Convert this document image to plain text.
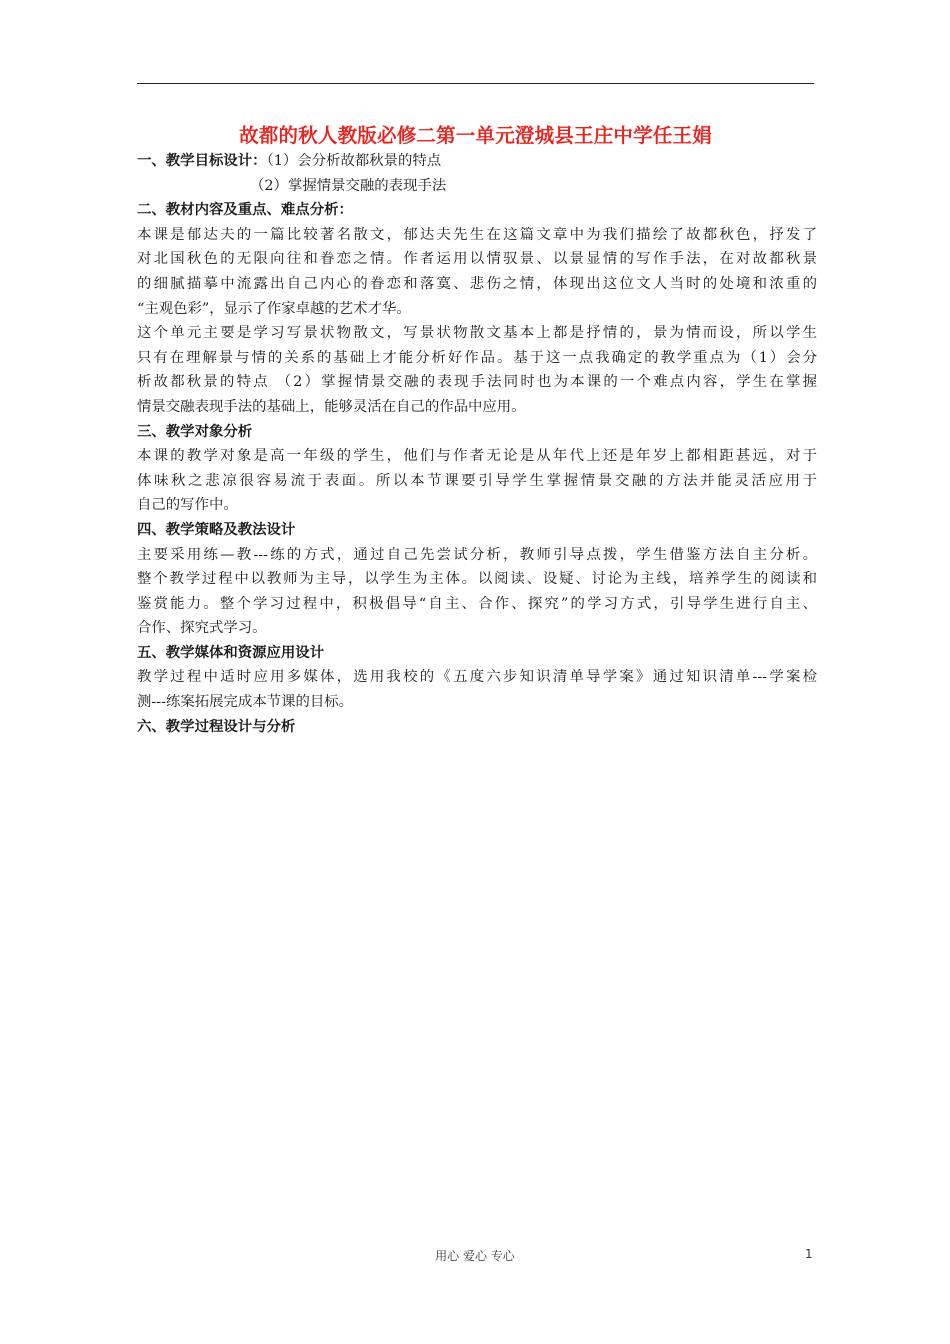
故都的秋人教版必修二第一单元澄城县王庄中学任王娟
一、教学目标设计：（1）会分析故都秋景的特点
（2）掌握情景交融的表现手法
二、教材内容及重点、难点分析：
本课是郁达夫的一篇比较著名散文，郁达夫先生在这篇文章中为我们描绘了故都秋色，抒发了
对北国秋色的无限向往和眷恋之情。作者运用以情驭景、以景显情的写作手法，在对故都秋景
的细腻描摹中流露出自己内心的眷恋和落寞、悲伤之情，体现出这位文人当时的处境和浓重的
“主观色彩”，显示了作家卓越的艺术才华。
这个单元主要是学习写景状物散文，写景状物散文基本上都是抒情的，景为情而设，所以学生
只有在理解景与情的关系的基础上才能分析好作品。基于这一点我确定的教学重点为（1）会分
析故都秋景的特点 （2）掌握情景交融的表现手法同时也为本课的一个难点内容，学生在掌握
情景交融表现手法的基础上，能够灵活在自己的作品中应用。
三、教学对象分析
本课的教学对象是高一年级的学生，他们与作者无论是从年代上还是年岁上都相距甚远，对于
体味秋之悲凉很容易流于表面。所以本节课要引导学生掌握情景交融的方法并能灵活应用于
自己的写作中。
四、教学策略及教法设计
主要采用练—教---练的方式，通过自己先尝试分析，教师引导点拨，学生借鉴方法自主分析。
整个教学过程中以教师为主导，以学生为主体。以阅读、设疑、讨论为主线，培养学生的阅读和
鉴赏能力。整个学习过程中，积极倡导“自主、合作、探究”的学习方式，引导学生进行自主、
合作、探究式学习。
五、教学媒体和资源应用设计
教学过程中适时应用多媒体，选用我校的《五度六步知识清单导学案》通过知识清单---学案检
测---练案拓展完成本节课的目标。
六、教学过程设计与分析
用心 爱心 专心	1
